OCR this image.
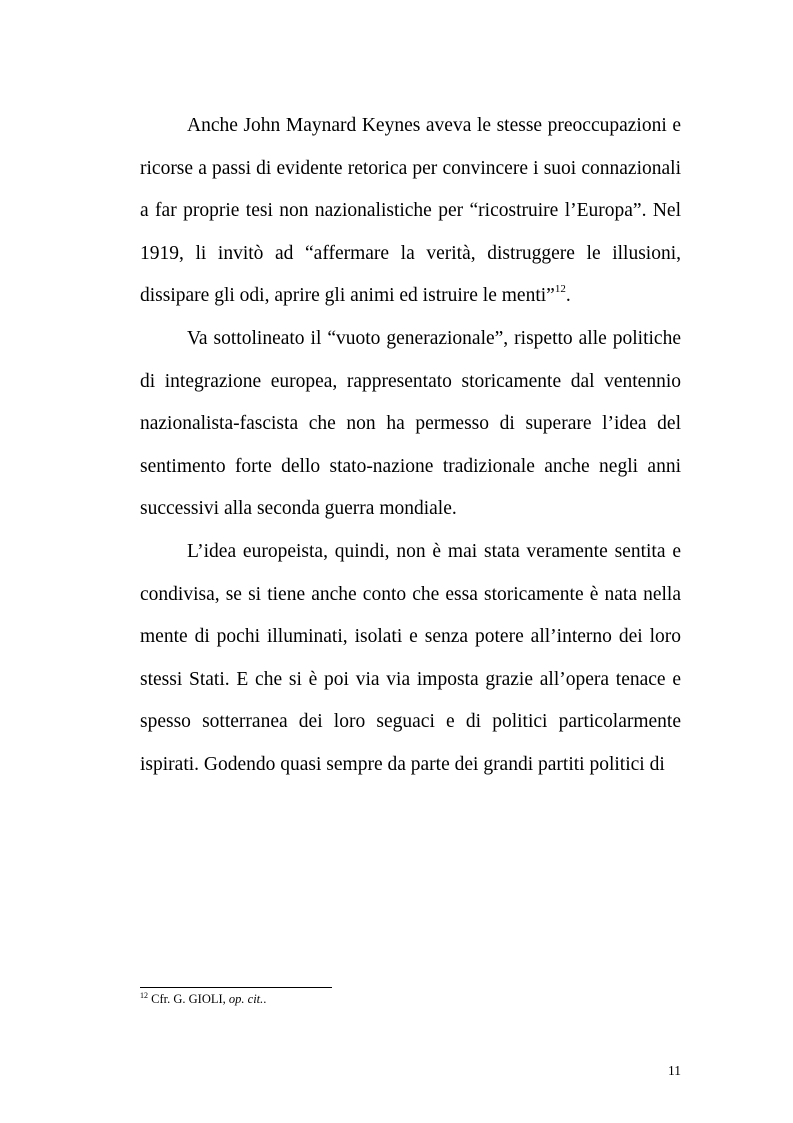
Anche John Maynard Keynes aveva le stesse preoccupazioni e ricorse a passi di evidente retorica per convincere i suoi connazionali a far proprie tesi non nazionalistiche per “ricostruire l’Europa”. Nel 1919, li invitò ad “affermare la verità, distruggere le illusioni, dissipare gli odi, aprire gli animi ed istruire le menti”$^{12}$.

Va sottolineato il “vuoto generazionale”, rispetto alle politiche di integrazione europea, rappresentato storicamente dal ventennio nazionalista-fascista che non ha permesso di superare l’idea del sentimento forte dello stato-nazione tradizionale anche negli anni successivi alla seconda guerra mondiale.

L’idea europeista, quindi, non è mai stata veramente sentita e condivisa, se si tiene anche conto che essa storicamente è nata nella mente di pochi illuminati, isolati e senza potere all’interno dei loro stessi Stati. E che si è poi via via imposta grazie all’opera tenace e spesso sotterranea dei loro seguaci e di politici particolarmente ispirati. Godendo quasi sempre da parte dei grandi partiti politici di

$^{12}$ Cfr. G. GIOLI, op. cit..
11
